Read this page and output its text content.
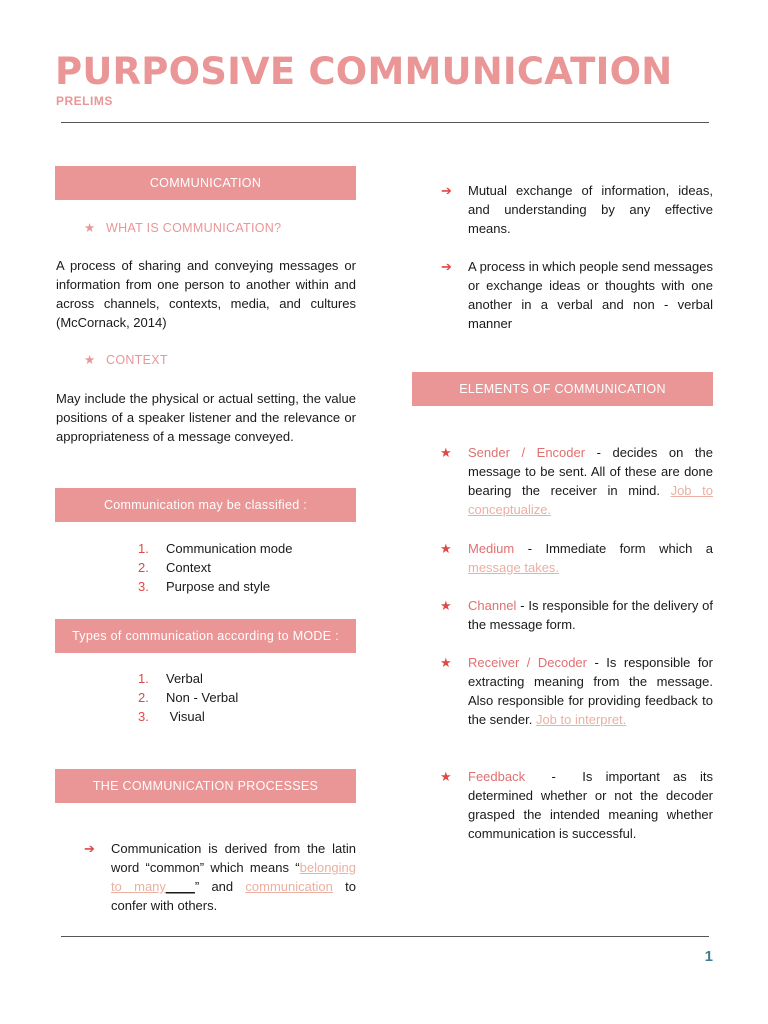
PURPOSIVE COMMUNICATION
PRELIMS
COMMUNICATION
★ WHAT IS COMMUNICATION?
A process of sharing and conveying messages or information from one person to another within and across channels, contexts, media, and cultures (McCornack, 2014)
★ CONTEXT
May include the physical or actual setting, the value positions of a speaker listener and the relevance or appropriateness of a message conveyed.
Communication may be classified :
1. Communication mode
2. Context
3. Purpose and style
Types of communication according to MODE :
1. Verbal
2. Non - Verbal
3. Visual
THE COMMUNICATION PROCESSES
➔ Communication is derived from the latin word “common” which means “belonging to many____” and communication to confer with others.
➔ Mutual exchange of information, ideas, and understanding by any effective means.
➔ A process in which people send messages or exchange ideas or thoughts with one another in a verbal and non - verbal manner
ELEMENTS OF COMMUNICATION
★ Sender / Encoder - decides on the message to be sent. All of these are done bearing the receiver in mind. Job to conceptualize.
★ Medium - Immediate form which a message takes.
★ Channel - Is responsible for the delivery of the message form.
★ Receiver / Decoder - Is responsible for extracting meaning from the message. Also responsible for providing feedback to the sender. Job to interpret.
★ Feedback  -  Is important as its determined whether or not the decoder grasped the intended meaning whether communication is successful.
1
